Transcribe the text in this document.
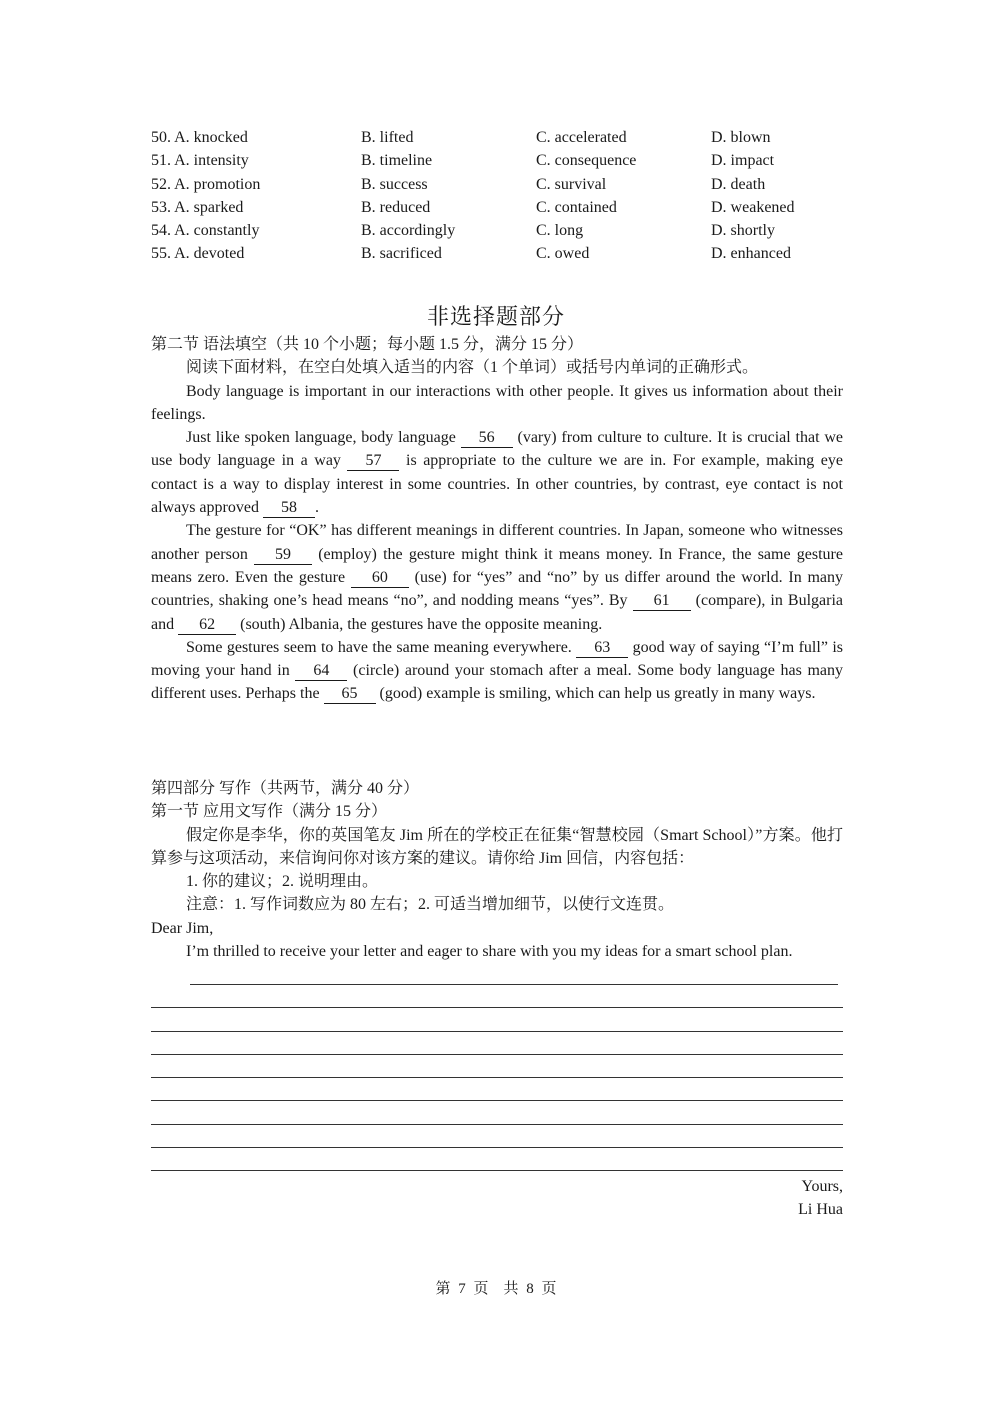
50. A. knocked	B. lifted	C. accelerated	D. blown
51. A. intensity	B. timeline	C. consequence	D. impact
52. A. promotion	B. success	C. survival	D. death
53. A. sparked	B. reduced	C. contained	D. weakened
54. A. constantly	B. accordingly	C. long	D. shortly
55. A. devoted	B. sacrificed	C. owed	D. enhanced
非选择题部分
第二节 语法填空（共 10 个小题；每小题 1.5 分，满分 15 分）
阅读下面材料，在空白处填入适当的内容（1 个单词）或括号内单词的正确形式。
Body language is important in our interactions with other people. It gives us information about their feelings.
Just like spoken language, body language 56 (vary) from culture to culture. It is crucial that we use body language in a way 57 is appropriate to the culture we are in. For example, making eye contact is a way to display interest in some countries. In other countries, by contrast, eye contact is not always approved 58 .
The gesture for “OK” has different meanings in different countries. In Japan, someone who witnesses another person 59 (employ) the gesture might think it means money. In France, the same gesture means zero. Even the gesture 60 (use) for “yes” and “no” by us differ around the world. In many countries, shaking one’s head means “no”, and nodding means “yes”. By 61 (compare), in Bulgaria and 62 (south) Albania, the gestures have the opposite meaning.
Some gestures seem to have the same meaning everywhere. 63 good way of saying “I’m full” is moving your hand in 64 (circle) around your stomach after a meal. Some body language has many different uses. Perhaps the 65 (good) example is smiling, which can help us greatly in many ways.
第四部分 写作（共两节，满分 40 分）
第一节 应用文写作（满分 15 分）
假定你是李华，你的英国笔友 Jim 所在的学校正在征集“智慧校园（Smart School）”方案。他打算参与这项活动，来信询问你对该方案的建议。请你给 Jim 回信，内容包括：
1. 你的建议；2. 说明理由。
注意：1. 写作词数应为 80 左右；2. 可适当增加细节，以使行文连贯。
Dear Jim,
I’m thrilled to receive your letter and eager to share with you my ideas for a smart school plan.
Yours,
Li Hua
第 7 页　共 8 页
